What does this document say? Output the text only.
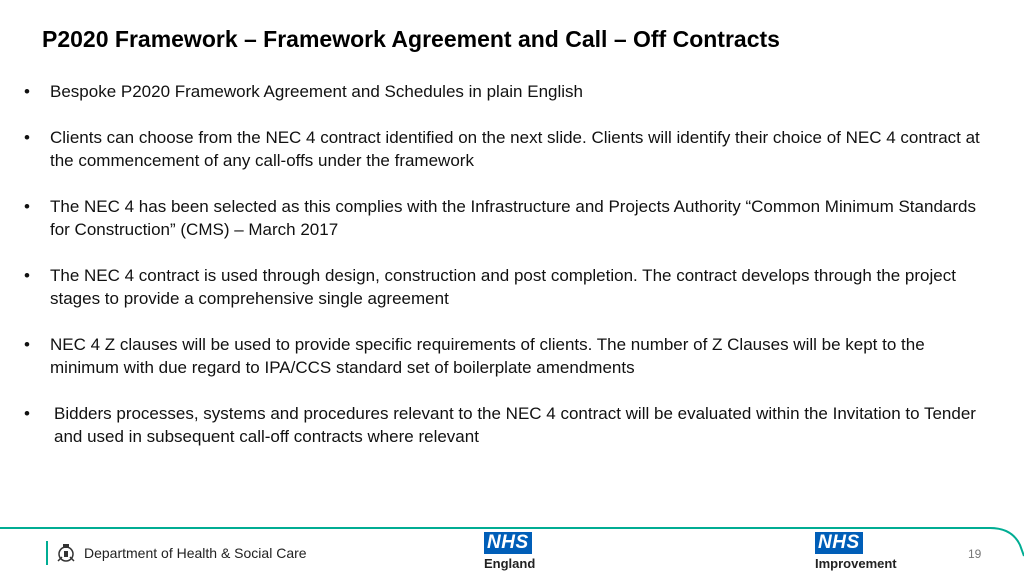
P2020 Framework – Framework Agreement and Call – Off Contracts
• Bespoke P2020 Framework Agreement and Schedules in plain English
• Clients can choose from the NEC 4 contract identified on the next slide. Clients will identify their choice of NEC 4 contract at the commencement of any call-offs under the framework
• The NEC 4 has been selected as this complies with the Infrastructure and Projects Authority “Common Minimum Standards for Construction” (CMS) – March 2017
• The NEC 4 contract is used through design, construction and post completion. The contract develops through the project stages to provide a comprehensive single agreement
• NEC 4 Z clauses will be used to provide specific requirements of clients. The number of Z Clauses will be kept to the minimum with due regard to IPA/CCS standard set of boilerplate amendments
• Bidders processes, systems and procedures relevant to the NEC 4 contract will be evaluated within the Invitation to Tender and used in subsequent call-off contracts where relevant
Department of Health & Social Care	NHS
England
NHS
Improvement
19
